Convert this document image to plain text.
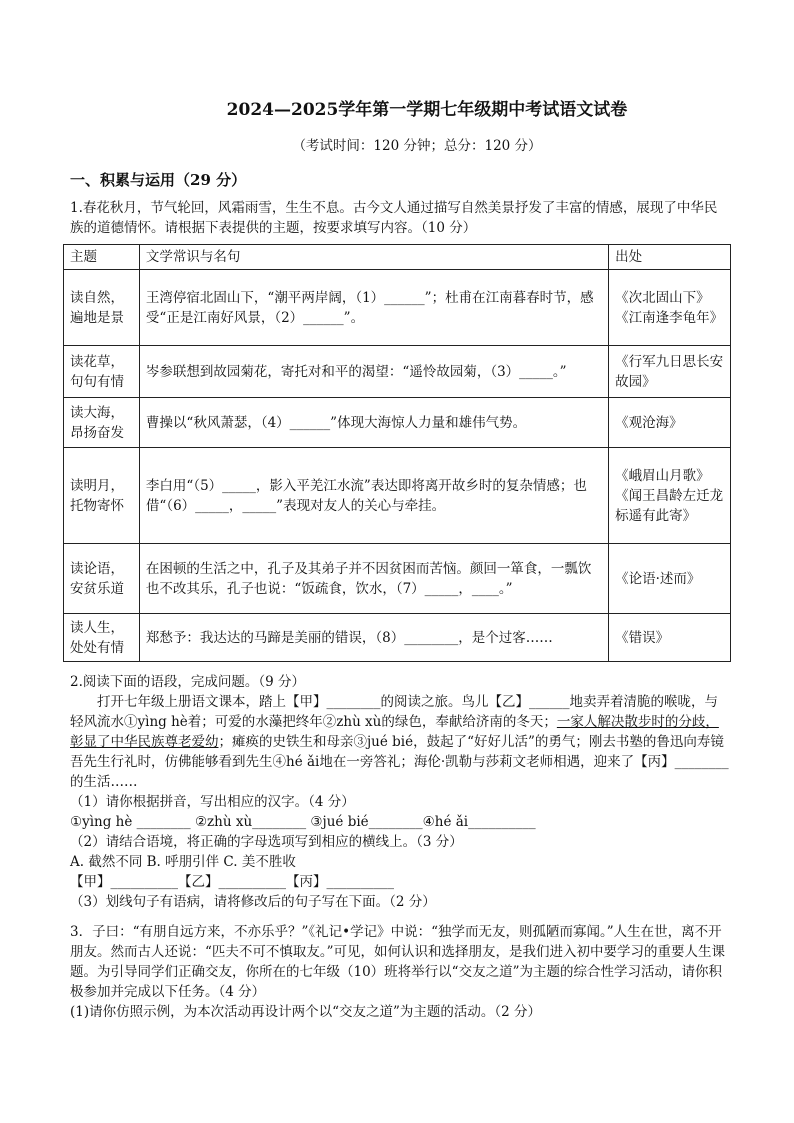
2024—2025学年第一学期七年级期中考试语文试卷
（考试时间：120 分钟；总分：120 分）
一、积累与运用（29 分）

1.春花秋月，节气轮回，风霜雨雪，生生不息。古今文人通过描写自然美景抒发了丰富的情感，展现了中华民族的道德情怀。请根据下表提供的主题，按要求填写内容。（10 分）

主题	文学常识与名句	出处
读自然，遍地是景	王湾停宿北固山下，“潮平两岸阔，（1）______”；杜甫在江南暮春时节，感受“正是江南好风景，（2）______”。	《次北固山下》《江南逢李龟年》
读花草，句句有情	岑参联想到故园菊花，寄托对和平的渴望：“遥怜故园菊，（3）_____。”	《行军九日思长安故园》
读大海，昂扬奋发	曹操以“秋风萧瑟，（4）______”体现大海惊人力量和雄伟气势。	《观沧海》
读明月，托物寄怀	李白用“（5）_____，影入平羌江水流”表达即将离开故乡时的复杂情感；也借“（6）_____，_____”表现对友人的关心与牵挂。	《峨眉山月歌》《闻王昌龄左迁龙标遥有此寄》
读论语，安贫乐道	在困顿的生活之中，孔子及其弟子并不因贫困而苦恼。颜回一箪食，一瓢饮也不改其乐，孔子也说：“饭疏食，饮水，（7）_____，____。”	《论语·述而》
读人生，处处有情	郑愁予：我达达的马蹄是美丽的错误，（8）________，是个过客……	《错误》

2.阅读下面的语段，完成问题。（9 分）

打开七年级上册语文课本，踏上【甲】________的阅读之旅。鸟儿【乙】______地卖弄着清脆的喉咙，与轻风流水①yìng hè着；可爱的水藻把终年②zhù xù的绿色，奉献给济南的冬天；一家人解决散步时的分歧，彰显了中华民族尊老爱幼；瘫痪的史铁生和母亲③jué bié，鼓起了“好好儿活”的勇气；刚去书塾的鲁迅向寿镜吾先生行礼时，仿佛能够看到先生④hé ǎi地在一旁答礼；海伦·凯勒与莎莉文老师相遇，迎来了【丙】________的生活……

（1）请你根据拼音，写出相应的汉字。（4 分）

①yìng hè ________ ②zhù xù________ ③jué bié________④hé ǎi__________

（2）请结合语境，将正确的字母选项写到相应的横线上。（3 分）

A. 截然不同 B. 呼朋引伴 C. 美不胜收

【甲】__________【乙】__________【丙】__________

（3）划线句子有语病，请将修改后的句子写在下面。（2 分）

3．子曰：“有朋自远方来，不亦乐乎？”《礼记•学记》中说：“独学而无友，则孤陋而寡闻。”人生在世，离不开朋友。然而古人还说：“匹夫不可不慎取友。”可见，如何认识和选择朋友，是我们进入初中要学习的重要人生课题。为引导同学们正确交友，你所在的七年级（10）班将举行以“交友之道”为主题的综合性学习活动，请你积极参加并完成以下任务。（4 分）

(1)请你仿照示例，为本次活动再设计两个以“交友之道”为主题的活动。（2 分）
